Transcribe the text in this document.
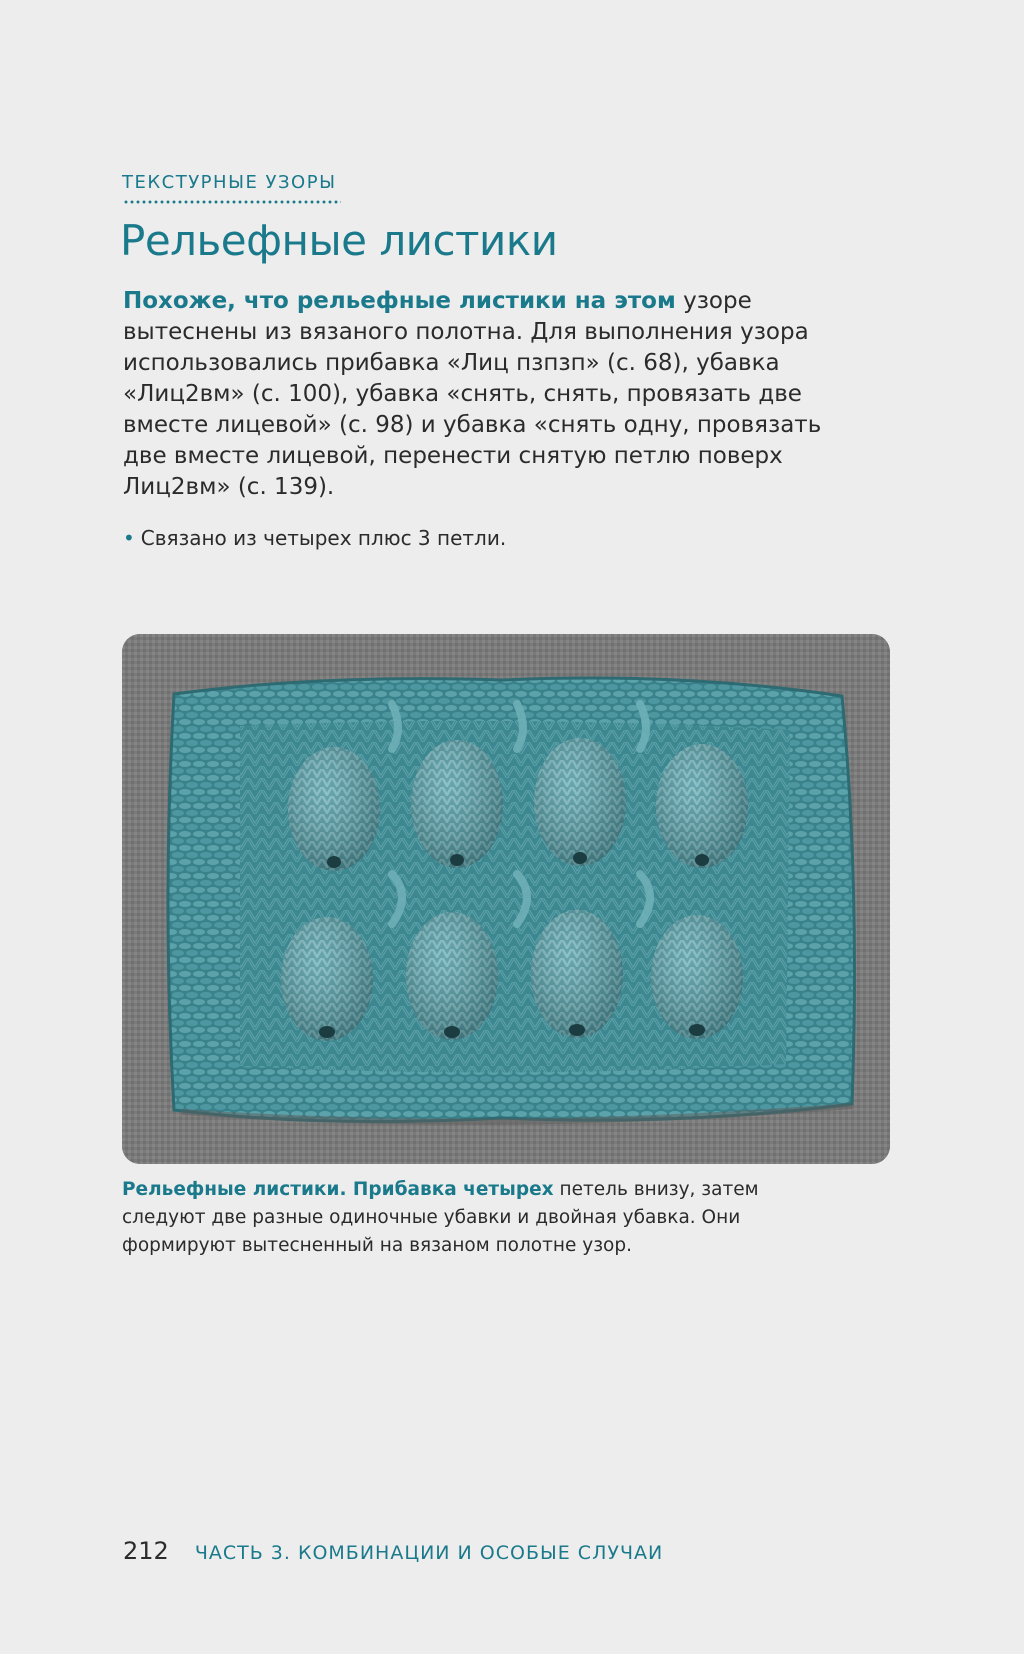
ТЕКСТУРНЫЕ УЗОРЫ
Рельефные листики

Похоже, что рельефные листики на этом узоре вытеснены из вязаного полотна. Для выполнения узора использовались прибавка «Лиц пзпзп» (с. 68), убавка «Лиц2вм» (с. 100), убавка «снять, снять, провязать две вместе лицевой» (с. 98) и убавка «снять одну, провязать две вместе лицевой, перенести снятую петлю поверх Лиц2вм» (с. 139).

• Связано из четырех плюс 3 петли.

Рельефные листики. Прибавка четырех петель внизу, затем следуют две разные одиночные убавки и двойная убавка. Они формируют вытесненный на вязаном полотне узор.

212 ЧАСТЬ 3. КОМБИНАЦИИ И ОСОБЫЕ СЛУЧАИ
